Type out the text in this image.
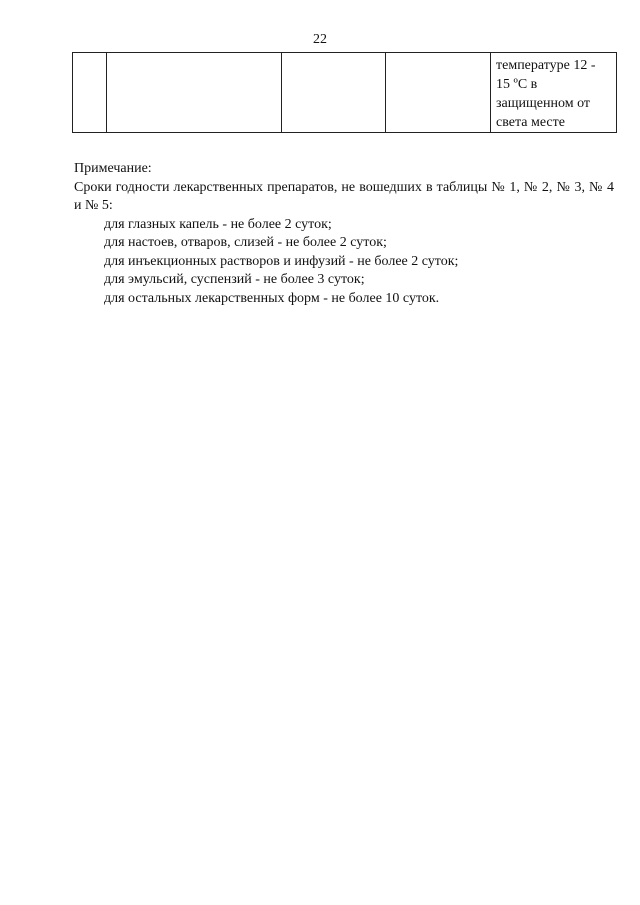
22
				температуре 12 - 15 ºС в защищенном от света месте

Примечание:

Сроки годности лекарственных препаратов, не вошедших в таблицы № 1, № 2, № 3, № 4 и № 5:

для глазных капель - не более 2 суток;
для настоев, отваров, слизей - не более 2 суток;
для инъекционных растворов и инфузий - не более 2 суток;
для эмульсий, суспензий - не более 3 суток;
для остальных лекарственных форм - не более 10 суток.
